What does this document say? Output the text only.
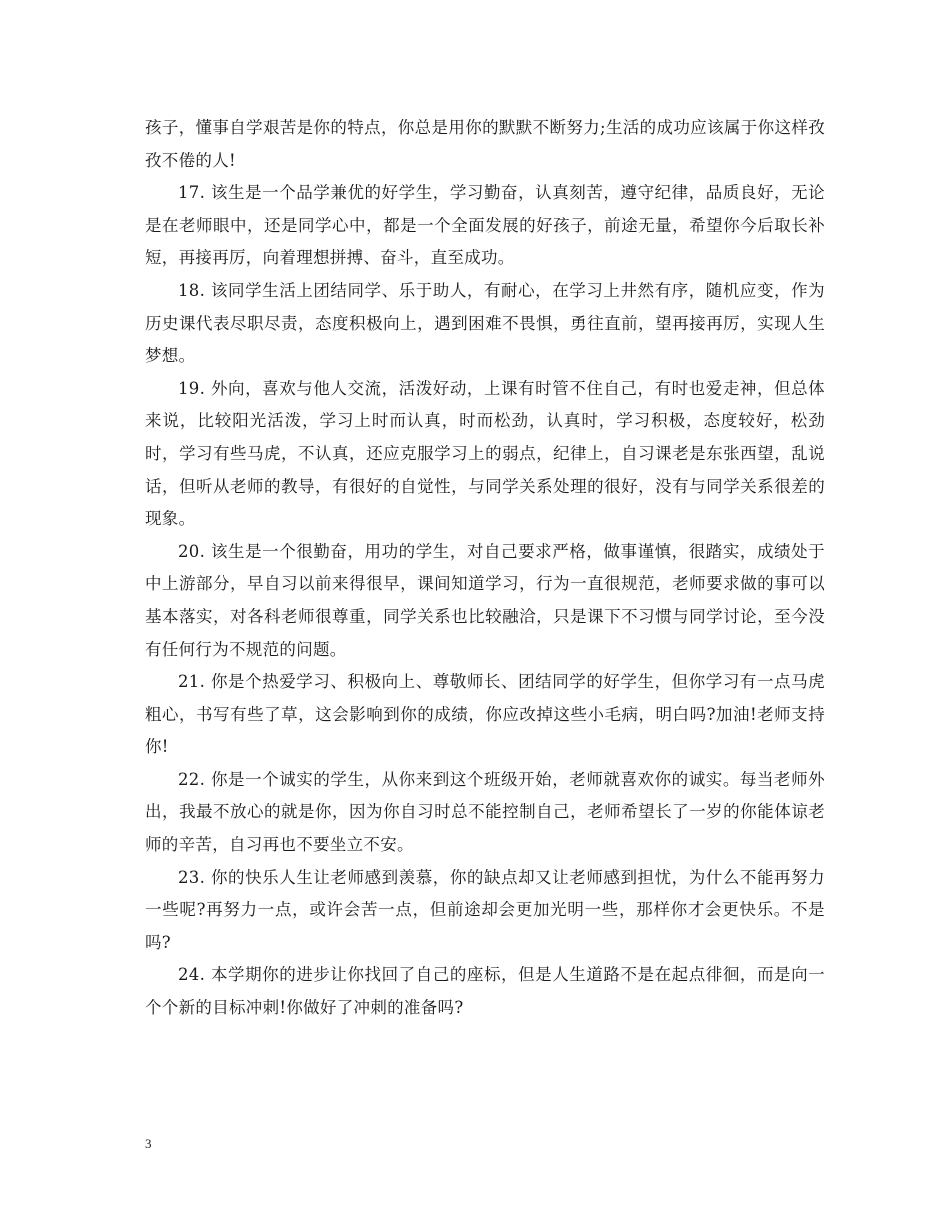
孩子，懂事自学艰苦是你的特点，你总是用你的默默不断努力;生活的成功应该属于你这样孜孜不倦的人!

17. 该生是一个品学兼优的好学生，学习勤奋，认真刻苦，遵守纪律，品质良好，无论是在老师眼中，还是同学心中，都是一个全面发展的好孩子，前途无量，希望你今后取长补短，再接再厉，向着理想拼搏、奋斗，直至成功。

18. 该同学生活上团结同学、乐于助人，有耐心，在学习上井然有序，随机应变，作为历史课代表尽职尽责，态度积极向上，遇到困难不畏惧，勇往直前，望再接再厉，实现人生梦想。

19. 外向，喜欢与他人交流，活泼好动，上课有时管不住自己，有时也爱走神，但总体来说，比较阳光活泼，学习上时而认真，时而松劲，认真时，学习积极，态度较好，松劲时，学习有些马虎，不认真，还应克服学习上的弱点，纪律上，自习课老是东张西望，乱说话，但听从老师的教导，有很好的自觉性，与同学关系处理的很好，没有与同学关系很差的现象。

20. 该生是一个很勤奋，用功的学生，对自己要求严格，做事谨慎，很踏实，成绩处于中上游部分，早自习以前来得很早，课间知道学习，行为一直很规范，老师要求做的事可以基本落实，对各科老师很尊重，同学关系也比较融洽，只是课下不习惯与同学讨论，至今没有任何行为不规范的问题。

21. 你是个热爱学习、积极向上、尊敬师长、团结同学的好学生，但你学习有一点马虎粗心，书写有些了草，这会影响到你的成绩，你应改掉这些小毛病，明白吗?加油!老师支持你!

22. 你是一个诚实的学生，从你来到这个班级开始，老师就喜欢你的诚实。每当老师外出，我最不放心的就是你，因为你自习时总不能控制自己，老师希望长了一岁的你能体谅老师的辛苦，自习再也不要坐立不安。

23. 你的快乐人生让老师感到羡慕，你的缺点却又让老师感到担忧，为什么不能再努力一些呢?再努力一点，或许会苦一点，但前途却会更加光明一些，那样你才会更快乐。不是吗?

24. 本学期你的进步让你找回了自己的座标，但是人生道路不是在起点徘徊，而是向一个个新的目标冲刺!你做好了冲刺的准备吗?

3
